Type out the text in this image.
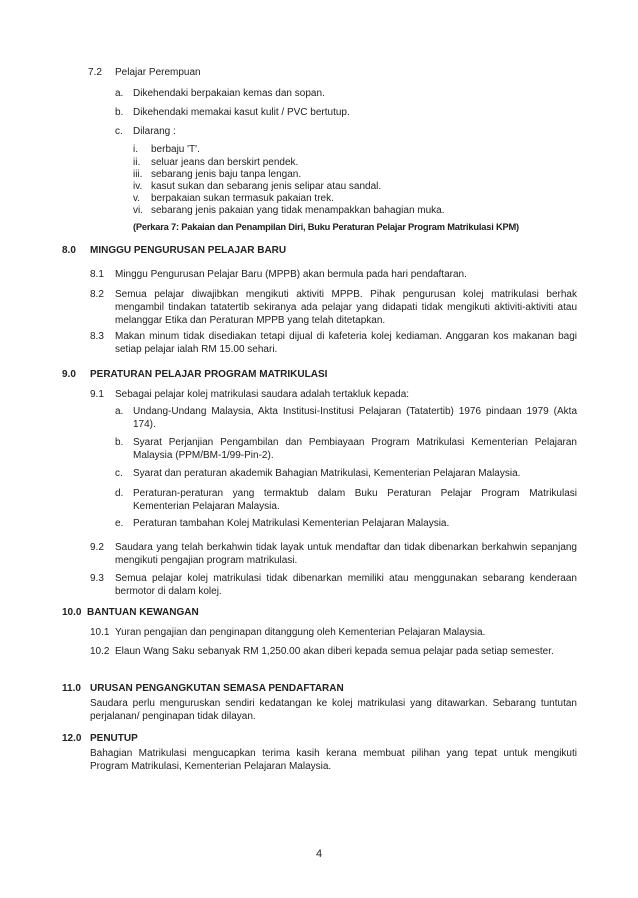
7.2 Pelajar Perempuan
a. Dikehendaki berpakaian kemas dan sopan.
b. Dikehendaki memakai kasut kulit / PVC bertutup.
c. Dilarang :
i. berbaju 'T'.
ii. seluar jeans dan berskirt pendek.
iii. sebarang jenis baju tanpa lengan.
iv. kasut sukan dan sebarang jenis selipar atau sandal.
v. berpakaian sukan termasuk pakaian trek.
vi. sebarang jenis pakaian yang tidak menampakkan bahagian muka.
(Perkara 7: Pakaian dan Penampilan Diri, Buku Peraturan Pelajar Program Matrikulasi KPM)
8.0 MINGGU PENGURUSAN PELAJAR BARU
8.1 Minggu Pengurusan Pelajar Baru (MPPB) akan bermula pada hari pendaftaran.
8.2 Semua pelajar diwajibkan mengikuti aktiviti MPPB. Pihak pengurusan kolej matrikulasi berhak mengambil tindakan tatatertib sekiranya ada pelajar yang didapati tidak mengikuti aktiviti-aktiviti atau melanggar Etika dan Peraturan MPPB yang telah ditetapkan.
8.3 Makan minum tidak disediakan tetapi dijual di kafeteria kolej kediaman. Anggaran kos makanan bagi setiap pelajar ialah RM 15.00 sehari.
9.0 PERATURAN PELAJAR PROGRAM MATRIKULASI
9.1 Sebagai pelajar kolej matrikulasi saudara adalah tertakluk kepada:
a. Undang-Undang Malaysia, Akta Institusi-Institusi Pelajaran (Tatatertib) 1976 pindaan 1979 (Akta 174).
b. Syarat Perjanjian Pengambilan dan Pembiayaan Program Matrikulasi Kementerian Pelajaran Malaysia (PPM/BM-1/99-Pin-2).
c. Syarat dan peraturan akademik Bahagian Matrikulasi, Kementerian Pelajaran Malaysia.
d. Peraturan-peraturan yang termaktub dalam Buku Peraturan Pelajar Program Matrikulasi Kementerian Pelajaran Malaysia.
e. Peraturan tambahan Kolej Matrikulasi Kementerian Pelajaran Malaysia.
9.2 Saudara yang telah berkahwin tidak layak untuk mendaftar dan tidak dibenarkan berkahwin sepanjang mengikuti pengajian program matrikulasi.
9.3 Semua pelajar kolej matrikulasi tidak dibenarkan memiliki atau menggunakan sebarang kenderaan bermotor di dalam kolej.
10.0 BANTUAN KEWANGAN
10.1 Yuran pengajian dan penginapan ditanggung oleh Kementerian Pelajaran Malaysia.
10.2 Elaun Wang Saku sebanyak RM 1,250.00 akan diberi kepada semua pelajar pada setiap semester.
11.0 URUSAN PENGANGKUTAN SEMASA PENDAFTARAN
Saudara perlu menguruskan sendiri kedatangan ke kolej matrikulasi yang ditawarkan. Sebarang tuntutan perjalanan/ penginapan tidak dilayan.
12.0 PENUTUP
Bahagian Matrikulasi mengucapkan terima kasih kerana membuat pilihan yang tepat untuk mengikuti Program Matrikulasi, Kementerian Pelajaran Malaysia.
4
